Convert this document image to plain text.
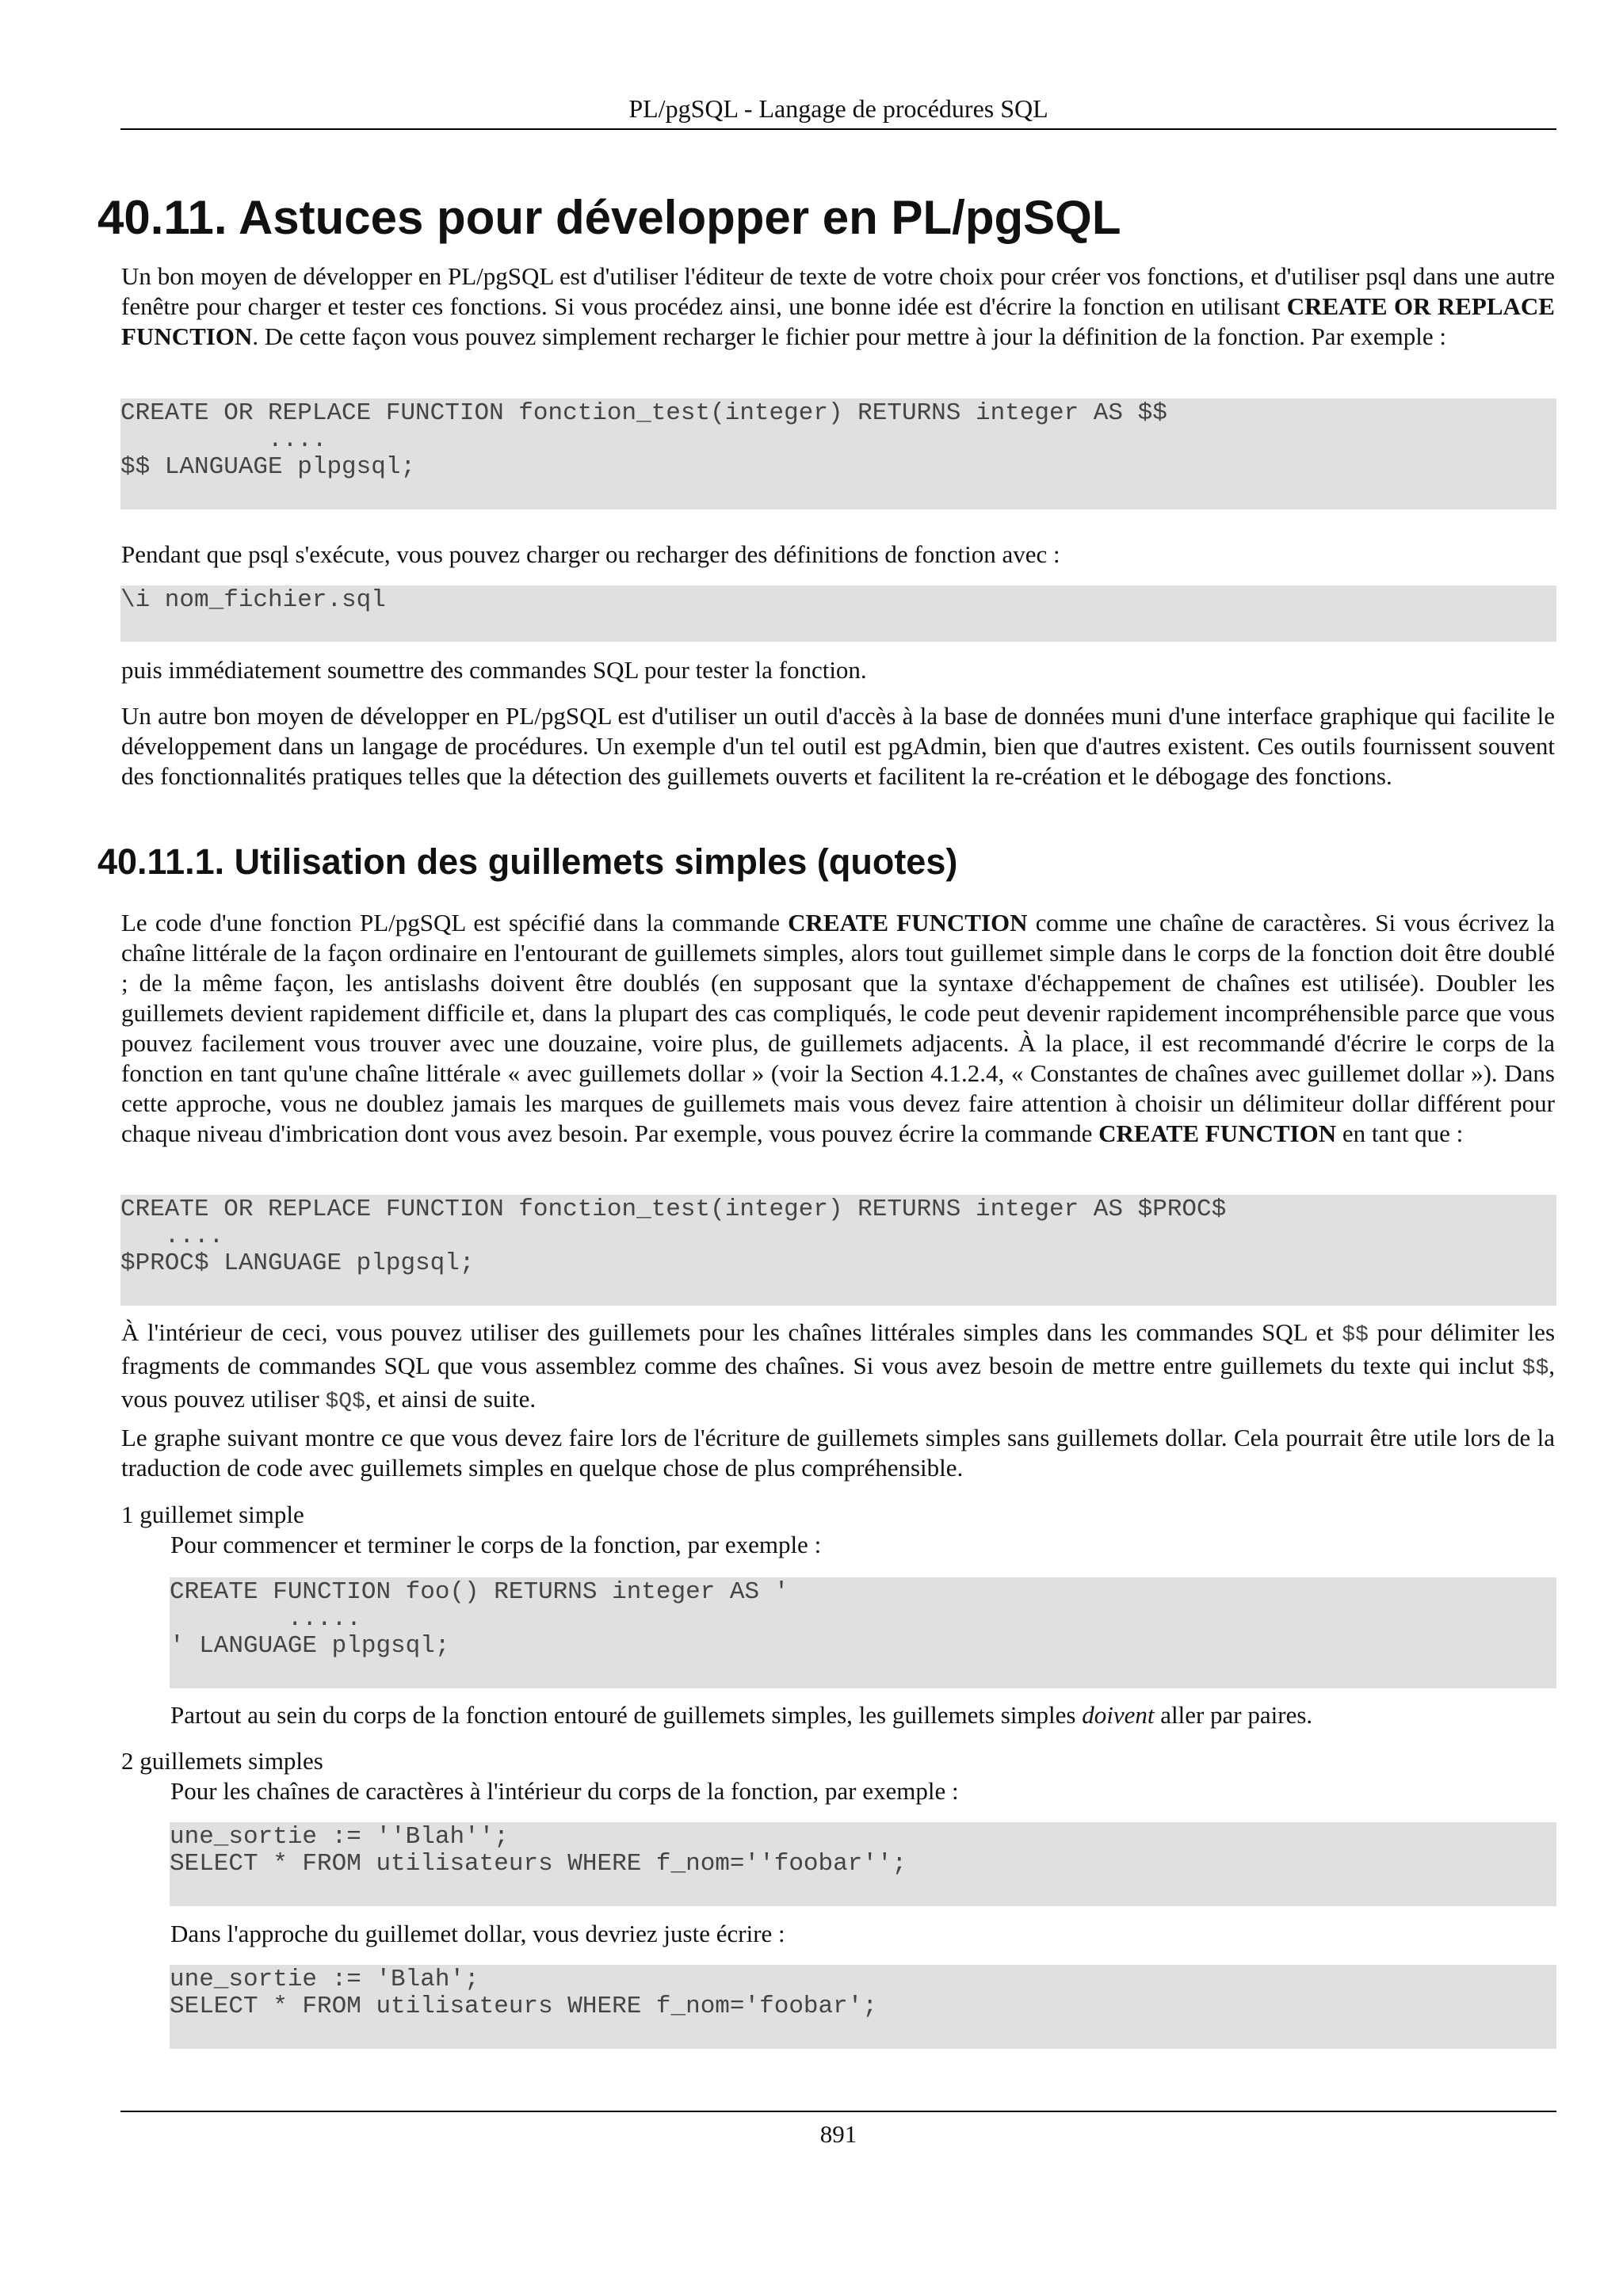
PL/pgSQL - Langage de procédures SQL
40.11. Astuces pour développer en PL/pgSQL

Un bon moyen de développer en PL/pgSQL est d'utiliser l'éditeur de texte de votre choix pour créer vos fonctions, et d'utiliser psql dans une autre fenêtre pour charger et tester ces fonctions. Si vous procédez ainsi, une bonne idée est d'écrire la fonction en utilisant CREATE OR REPLACE FUNCTION. De cette façon vous pouvez simplement recharger le fichier pour mettre à jour la définition de la fonction. Par exemple :

CREATE OR REPLACE FUNCTION fonction_test(integer) RETURNS integer AS $$
....
$$ LANGUAGE plpgsql;

Pendant que psql s'exécute, vous pouvez charger ou recharger des définitions de fonction avec :

\i nom_fichier.sql

puis immédiatement soumettre des commandes SQL pour tester la fonction.

Un autre bon moyen de développer en PL/pgSQL est d'utiliser un outil d'accès à la base de données muni d'une interface graphique qui facilite le développement dans un langage de procédures. Un exemple d'un tel outil est pgAdmin, bien que d'autres existent. Ces outils fournissent souvent des fonctionnalités pratiques telles que la détection des guillemets ouverts et facilitent la re-création et le débogage des fonctions.

40.11.1. Utilisation des guillemets simples (quotes)

Le code d'une fonction PL/pgSQL est spécifié dans la commande CREATE FUNCTION comme une chaîne de caractères. Si vous écrivez la chaîne littérale de la façon ordinaire en l'entourant de guillemets simples, alors tout guillemet simple dans le corps de la fonction doit être doublé ; de la même façon, les antislashs doivent être doublés (en supposant que la syntaxe d'échappement de chaînes est utilisée). Doubler les guillemets devient rapidement difficile et, dans la plupart des cas compliqués, le code peut devenir rapidement incompréhensible parce que vous pouvez facilement vous trouver avec une douzaine, voire plus, de guillemets adjacents. À la place, il est recommandé d'écrire le corps de la fonction en tant qu'une chaîne littérale « avec guillemets dollar » (voir la Section 4.1.2.4, « Constantes de chaînes avec guillemet dollar »). Dans cette approche, vous ne doublez jamais les marques de guillemets mais vous devez faire attention à choisir un délimiteur dollar différent pour chaque niveau d'imbrication dont vous avez besoin. Par exemple, vous pouvez écrire la commande CREATE FUNCTION en tant que :

CREATE OR REPLACE FUNCTION fonction_test(integer) RETURNS integer AS $PROC$
....
$PROC$ LANGUAGE plpgsql;

À l'intérieur de ceci, vous pouvez utiliser des guillemets pour les chaînes littérales simples dans les commandes SQL et $$ pour délimiter les fragments de commandes SQL que vous assemblez comme des chaînes. Si vous avez besoin de mettre entre guillemets du texte qui inclut $$, vous pouvez utiliser $Q$, et ainsi de suite.

Le graphe suivant montre ce que vous devez faire lors de l'écriture de guillemets simples sans guillemets dollar. Cela pourrait être utile lors de la traduction de code avec guillemets simples en quelque chose de plus compréhensible.

1 guillemet simple

Pour commencer et terminer le corps de la fonction, par exemple :

CREATE FUNCTION foo() RETURNS integer AS '
.....
' LANGUAGE plpgsql;

Partout au sein du corps de la fonction entouré de guillemets simples, les guillemets simples doivent aller par paires.

2 guillemets simples

Pour les chaînes de caractères à l'intérieur du corps de la fonction, par exemple :

une_sortie := ''Blah'';
SELECT * FROM utilisateurs WHERE f_nom=''foobar'';

Dans l'approche du guillemet dollar, vous devriez juste écrire :

une_sortie := 'Blah';
SELECT * FROM utilisateurs WHERE f_nom='foobar';
891
